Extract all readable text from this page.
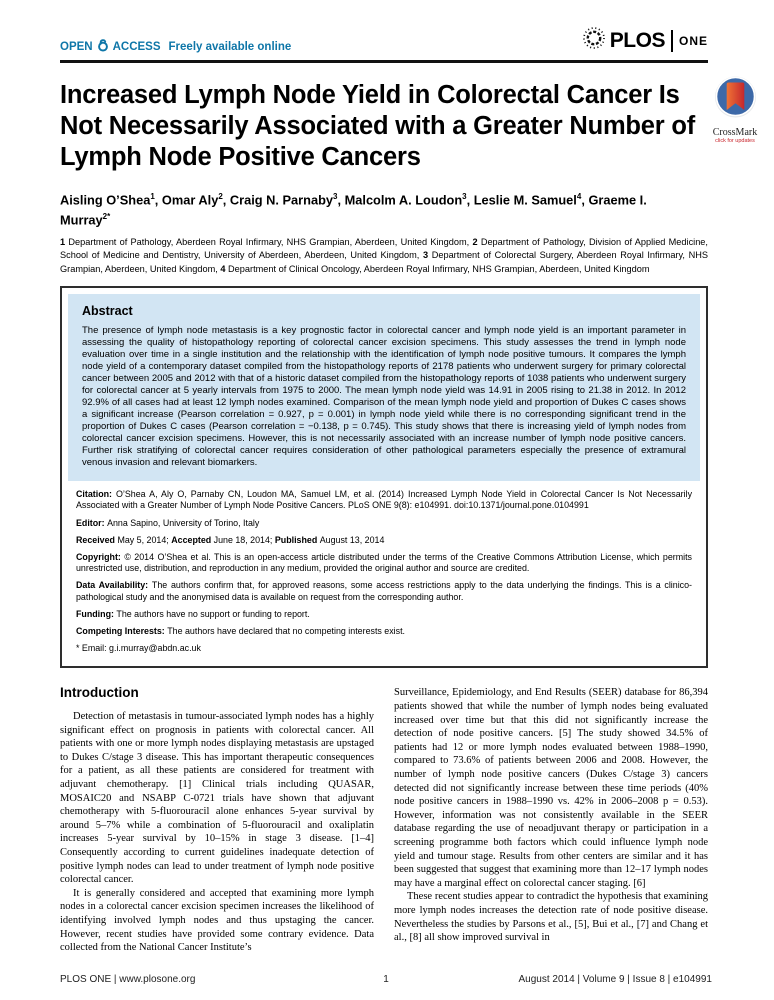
OPEN ACCESS Freely available online	PLOS ONE
Increased Lymph Node Yield in Colorectal Cancer Is Not Necessarily Associated with a Greater Number of Lymph Node Positive Cancers

Aisling O’Shea$^1$, Omar Aly$^2$, Craig N. Parnaby$^3$, Malcolm A. Loudon$^3$, Leslie M. Samuel$^4$, Graeme I. Murray$^{2*}$

1 Department of Pathology, Aberdeen Royal Infirmary, NHS Grampian, Aberdeen, United Kingdom, 2 Department of Pathology, Division of Applied Medicine, School of Medicine and Dentistry, University of Aberdeen, Aberdeen, United Kingdom, 3 Department of Colorectal Surgery, Aberdeen Royal Infirmary, NHS Grampian, Aberdeen, United Kingdom, 4 Department of Clinical Oncology, Aberdeen Royal Infirmary, NHS Grampian, Aberdeen, United Kingdom

Abstract

The presence of lymph node metastasis is a key prognostic factor in colorectal cancer and lymph node yield is an important parameter in assessing the quality of histopathology reporting of colorectal cancer excision specimens. This study assesses the trend in lymph node evaluation over time in a single institution and the relationship with the identification of lymph node positive tumours. It compares the lymph node yield of a contemporary dataset compiled from the histopathology reports of 2178 patients who underwent surgery for primary colorectal cancer between 2005 and 2012 with that of a historic dataset compiled from the histopathology reports of 1038 patients who underwent surgery for colorectal cancer at 5 yearly intervals from 1975 to 2000. The mean lymph node yield was 14.91 in 2005 rising to 21.38 in 2012. In 2012 92.9% of all cases had at least 12 lymph nodes examined. Comparison of the mean lymph node yield and proportion of Dukes C cases shows a significant increase (Pearson correlation = 0.927, p = 0.001) in lymph node yield while there is no corresponding significant trend in the proportion of Dukes C cases (Pearson correlation = −0.138, p = 0.745). This study shows that there is increasing yield of lymph nodes from colorectal cancer excision specimens. However, this is not necessarily associated with an increase number of lymph node positive cancers. Further risk stratifying of colorectal cancer requires consideration of other pathological parameters especially the presence of extramural venous invasion and relevant biomarkers.

Citation: O’Shea A, Aly O, Parnaby CN, Loudon MA, Samuel LM, et al. (2014) Increased Lymph Node Yield in Colorectal Cancer Is Not Necessarily Associated with a Greater Number of Lymph Node Positive Cancers. PLoS ONE 9(8): e104991. doi:10.1371/journal.pone.0104991

Editor: Anna Sapino, University of Torino, Italy

Received May 5, 2014; Accepted June 18, 2014; Published August 13, 2014

Copyright: © 2014 O’Shea et al. This is an open-access article distributed under the terms of the Creative Commons Attribution License, which permits unrestricted use, distribution, and reproduction in any medium, provided the original author and source are credited.

Data Availability: The authors confirm that, for approved reasons, some access restrictions apply to the data underlying the findings. This is a clinico-pathological study and the anonymised data is available on request from the corresponding author.

Funding: The authors have no support or funding to report.

Competing Interests: The authors have declared that no competing interests exist.

* Email: g.i.murray@abdn.ac.uk

Introduction

Detection of metastasis in tumour-associated lymph nodes has a highly significant effect on prognosis in patients with colorectal cancer. All patients with one or more lymph nodes displaying metastasis are upstaged to Dukes C/stage 3 disease. This has important therapeutic consequences for a patient, as all these patients are considered for treatment with adjuvant chemotherapy. [1] Clinical trials including QUASAR, MOSAIC20 and NSABP C-0721 trials have shown that adjuvant chemotherapy with 5-fluorouracil alone enhances 5-year survival by around 5–7% while a combination of 5-fluorouracil and oxaliplatin increases 5-year survival by 10–15% in stage 3 disease. [1–4] Consequently according to current guidelines inadequate detection of positive lymph nodes can lead to under treatment of lymph node positive colorectal cancer.

It is generally considered and accepted that examining more lymph nodes in a colorectal cancer excision specimen increases the likelihood of identifying involved lymph nodes and thus upstaging the cancer. However, recent studies have provided some contrary evidence. Data collected from the National Cancer Institute’s

Surveillance, Epidemiology, and End Results (SEER) database for 86,394 patients showed that while the number of lymph nodes being evaluated increased over time but that this did not significantly increase the detection of node positive cancers. [5] The study showed 34.5% of patients had 12 or more lymph nodes evaluated between 1988–1990, compared to 73.6% of patients between 2006 and 2008. However, the number of lymph node positive cancers (Dukes C/stage 3) cancers detected did not significantly increase between these time periods (40% node positive cancers in 1988–1990 vs. 42% in 2006–2008 p = 0.53). However, information was not consistently available in the SEER database regarding the use of neoadjuvant therapy or participation in a screening programme both factors which could influence lymph node yield and tumour stage. Results from other centers are similar and it has been suggested that suggest that examining more than 12–17 lymph nodes may have a marginal effect on colorectal cancer staging. [6]

These recent studies appear to contradict the hypothesis that examining more lymph nodes increases the detection rate of node positive disease. Nevertheless the studies by Parsons et al., [5], Bui et al., [7] and Chang et al., [8] all show improved survival in

CrossMark
click for updates
PLOS ONE | www.plosone.org	1	August 2014 | Volume 9 | Issue 8 | e104991
